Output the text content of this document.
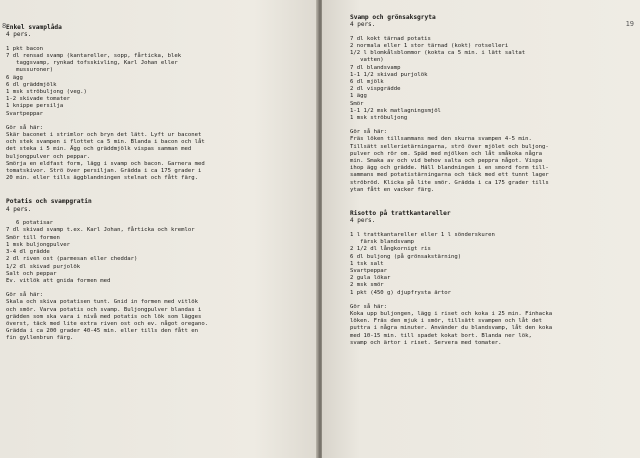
8 Enkel svamplåda
4 pers.
1 pkt bacon
7 dl rensad svamp (kantareller, sopp, fårticka, blek
taggsvamp, rynkad tofsskivling, Karl Johan eller
mussuroner)
6 ägg
6 dl gräddmjölk
1 msk ströbuljong (veg.)
1-2 skivade tomater
1 knippe persilja
Svartpeppar
Gör så här:
Skär baconet i strimlor och bryn det lätt. Lyft ur baconet
och stek svampen i flottet ca 5 min. Blanda i bacon och låt
det steka i 5 min. Ägg och gräddmjölk vispas samman med
buljongpulver och peppar.
Smörja en eldfast form, lägg i svamp och bacon. Garnera med
tomatskivor. Strö över persiljan. Grädda i ca 175 grader i
20 min. eller tills äggblandningen stelnat och fått färg.
Potatis och svampgratin
4 pers.
6 potatisar
7 dl skivad svamp t.ex. Karl Johan, fårticka och kremlor
Smör till formen
1 msk buljongpulver
3-4 dl grädde
2 dl riven ost (parmesan eller cheddar)
1/2 dl skivad purjolök
Salt och peppar
Ev. vitlök att gnida formen med
Gör så här:
Skala och skiva potatisen tunt. Gnid in formen med vitlök
och smör. Varva potatis och svamp. Buljongpulver blandas i
grädden som ska vara i nivå med potatis och lök som lägges
överst, täck med lite extra riven ost och ev. något oregano.
Grädda i ca 200 grader 40-45 min. eller tills den fått en
fin gyllenbrun färg.
19
Svamp och grönsaksgryta
4 pers.
7 dl kokt tärnad potatis
2 normala eller 1 stor tärnad (kokt) rotselleri
1/2 l blomkålsblommor (kokta ca 5 min. i lätt saltat
vatten)
7 dl blandsvamp
1-1 1/2 skivad purjolök
6 dl mjölk
2 dl vispgrädde
1 ägg
Smör
1-1 1/2 msk matlagningsmjöl
1 msk ströbuljong
Gör så här:
Fräs löken tillsammans med den skurna svampen 4-5 min.
Tillsätt sellerietärningarna, strö över mjölet och buljong-
pulver och rör om. Späd med mjölken och låt småkoka några
min. Smaka av och vid behov salta och peppra något. Vispa
ihop ägg och grädde. Häll blandningen i en smord form till-
sammans med potatistärningarna och täck med ett tunnt lager
ströbröd. Klicka på lite smör. Grädda i ca 175 grader tills
ytan fått en vacker färg.
Risotto på trattkantareller
4 pers.
1 l trattkantareller eller 1 l sönderskuren
färsk blandsvamp
2 1/2 dl långkornigt ris
6 dl buljong (på grönsakstärning)
1 tsk salt
Svartpeppar
2 gula lökar
2 msk smör
1 pkt (450 g) djupfrysta ärtor
Gör så här:
Koka upp buljongen, lägg i riset och koka i 25 min. Finhacka
löken. Fräs den mjuk i smör, tillsätt svampen och låt det
puttra i några minuter. Använder du blandsvamp, låt den koka
med 10-15 min. till spadet kokat bort. Blanda ner lök,
svamp och ärtor i riset. Servera med tomater.
